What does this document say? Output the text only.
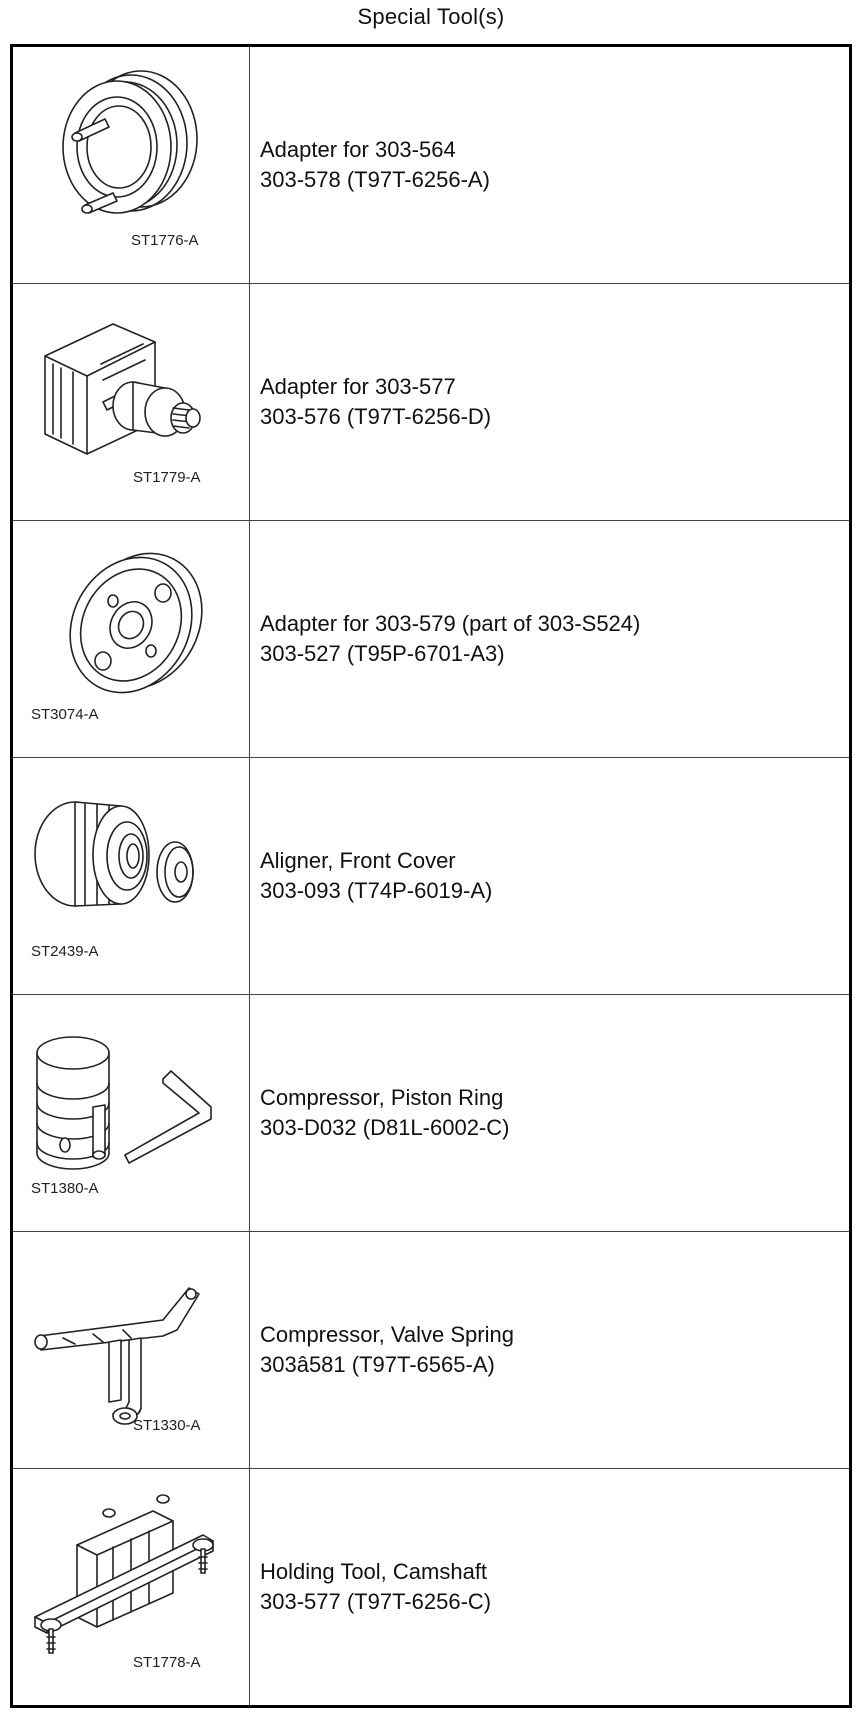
Special Tool(s)
ST1776-A	Adapter for 303-564
303-578 (T97T-6256-A)

ST1779-A	Adapter for 303-577
303-576 (T97T-6256-D)

ST3074-A	Adapter for 303-579 (part of 303-S524)
303-527 (T95P-6701-A3)

ST2439-A	Aligner, Front Cover
303-093 (T74P-6019-A)

ST1380-A	Compressor, Piston Ring
303-D032 (D81L-6002-C)

ST1330-A	Compressor, Valve Spring
303â581 (T97T-6565-A)

ST1778-A	Holding Tool, Camshaft
303-577 (T97T-6256-C)
